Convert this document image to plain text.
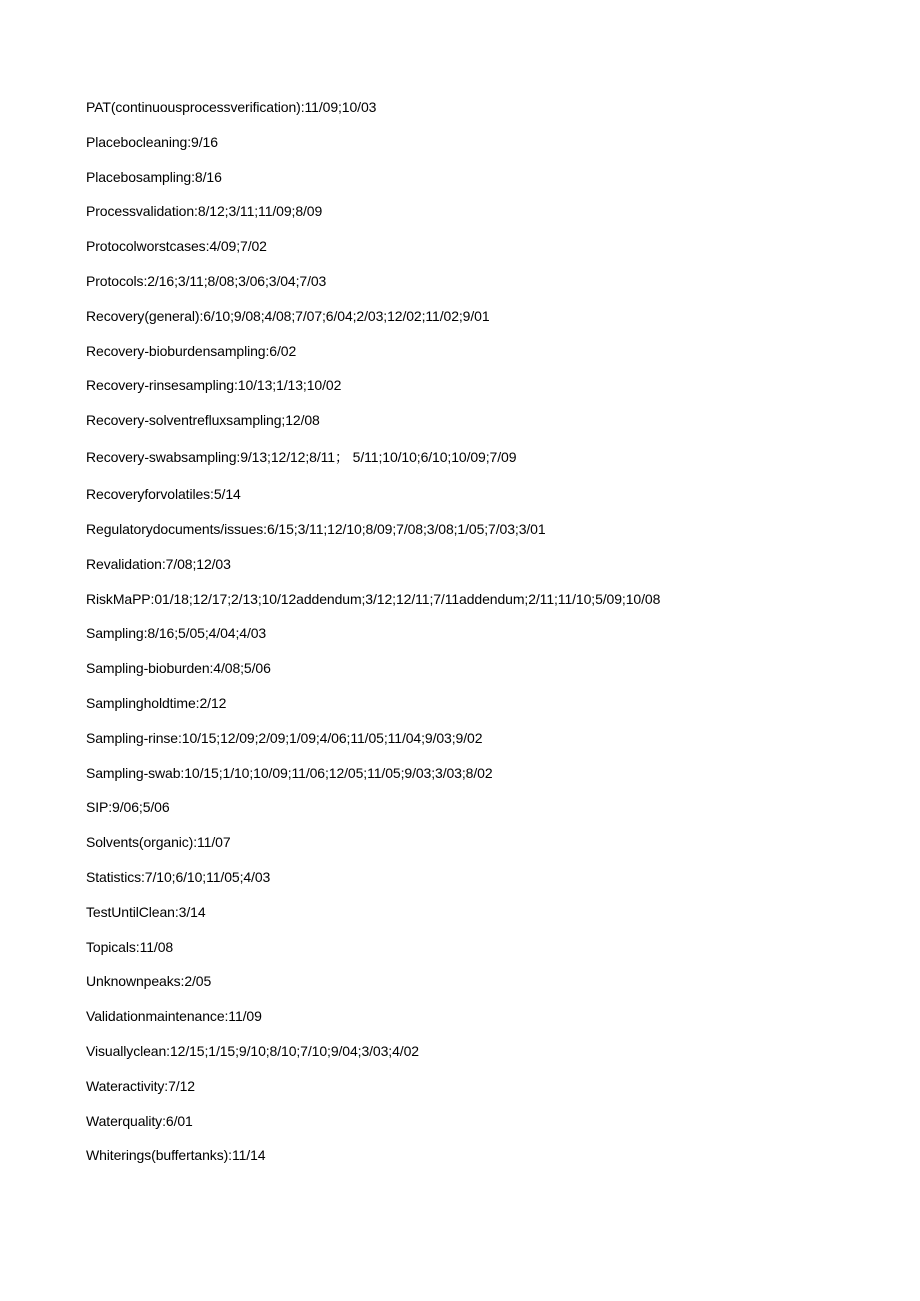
PAT(continuousprocessverification):11/09;10/03
Placebocleaning:9/16
Placebosampling:8/16
Processvalidation:8/12;3/11;11/09;8/09
Protocolworstcases:4/09;7/02
Protocols:2/16;3/11;8/08;3/06;3/04;7/03
Recovery(general):6/10;9/08;4/08;7/07;6/04;2/03;12/02;11/02;9/01
Recovery-bioburdensampling:6/02
Recovery-rinsesampling:10/13;1/13;10/02
Recovery-solventrefluxsampling;12/08
Recovery-swabsampling:9/13;12/12;8/11； 5/11;10/10;6/10;10/09;7/09
Recoveryforvolatiles:5/14
Regulatorydocuments/issues:6/15;3/11;12/10;8/09;7/08;3/08;1/05;7/03;3/01
Revalidation:7/08;12/03
RiskMaPP:01/18;12/17;2/13;10/12addendum;3/12;12/11;7/11addendum;2/11;11/10;5/09;10/08
Sampling:8/16;5/05;4/04;4/03
Sampling-bioburden:4/08;5/06
Samplingholdtime:2/12
Sampling-rinse:10/15;12/09;2/09;1/09;4/06;11/05;11/04;9/03;9/02
Sampling-swab:10/15;1/10;10/09;11/06;12/05;11/05;9/03;3/03;8/02
SIP:9/06;5/06
Solvents(organic):11/07
Statistics:7/10;6/10;11/05;4/03
TestUntilClean:3/14
Topicals:11/08
Unknownpeaks:2/05
Validationmaintenance:11/09
Visuallyclean:12/15;1/15;9/10;8/10;7/10;9/04;3/03;4/02
Wateractivity:7/12
Waterquality:6/01
Whiterings(buffertanks):11/14
